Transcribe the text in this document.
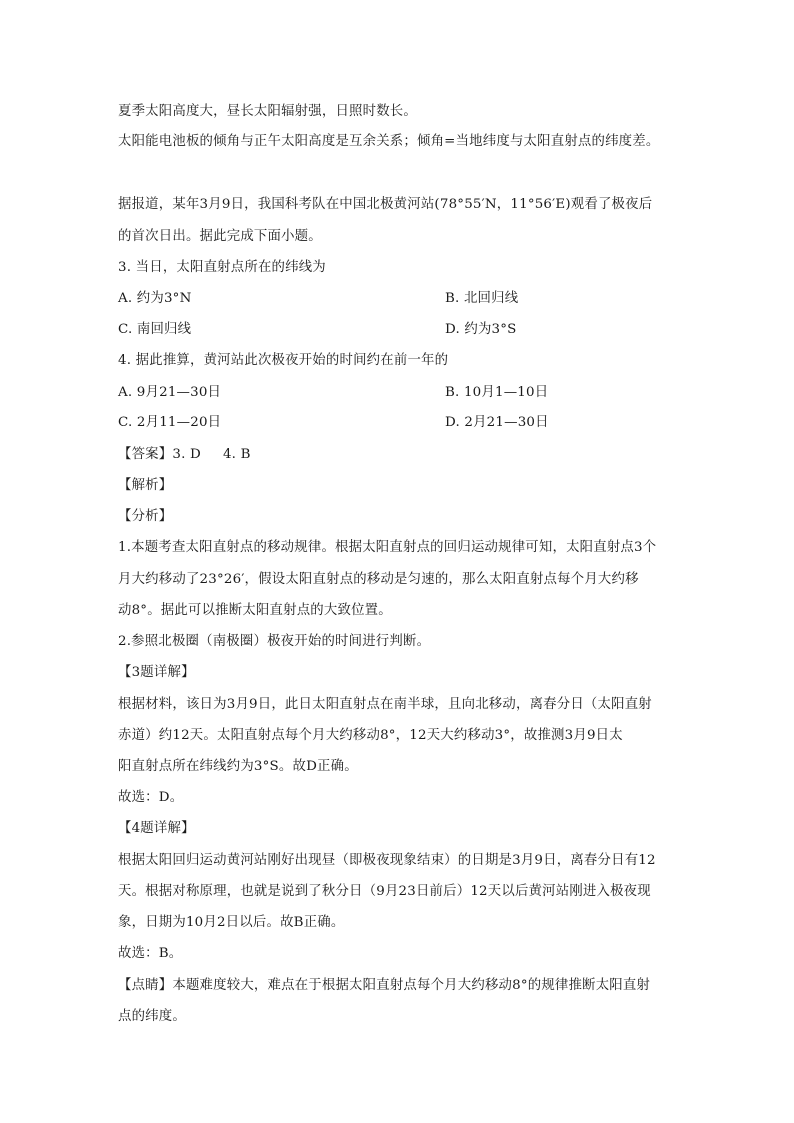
夏季太阳高度大，昼长太阳辐射强，日照时数长。
太阳能电池板的倾角与正午太阳高度是互余关系；倾角=当地纬度与太阳直射点的纬度差。
据报道，某年3月9日，我国科考队在中国北极黄河站(78°55′N，11°56′E)观看了极夜后
的首次日出。据此完成下面小题。
3. 当日，太阳直射点所在的纬线为
A. 约为3°N	B. 北回归线
C. 南回归线	D. 约为3°S
4. 据此推算，黄河站此次极夜开始的时间约在前一年的
A. 9月21—30日	B. 10月1—10日
C. 2月11—20日	D. 2月21—30日
【答案】3. D 4. B
【解析】
【分析】
1.本题考查太阳直射点的移动规律。根据太阳直射点的回归运动规律可知，太阳直射点3个
月大约移动了23°26′，假设太阳直射点的移动是匀速的，那么太阳直射点每个月大约移
动8°。据此可以推断太阳直射点的大致位置。
2.参照北极圈（南极圈）极夜开始的时间进行判断。
【3题详解】
根据材料，该日为3月9日，此日太阳直射点在南半球，且向北移动，离春分日（太阳直射
赤道）约12天。太阳直射点每个月大约移动8°，12天大约移动3°，故推测3月9日太
阳直射点所在纬线约为3°S。故D正确。
故选：D。
【4题详解】
根据太阳回归运动黄河站刚好出现昼（即极夜现象结束）的日期是3月9日，离春分日有12
天。根据对称原理，也就是说到了秋分日（9月23日前后）12天以后黄河站刚进入极夜现
象，日期为10月2日以后。故B正确。
故选：B。
【点睛】本题难度较大，难点在于根据太阳直射点每个月大约移动8°的规律推断太阳直射
点的纬度。
